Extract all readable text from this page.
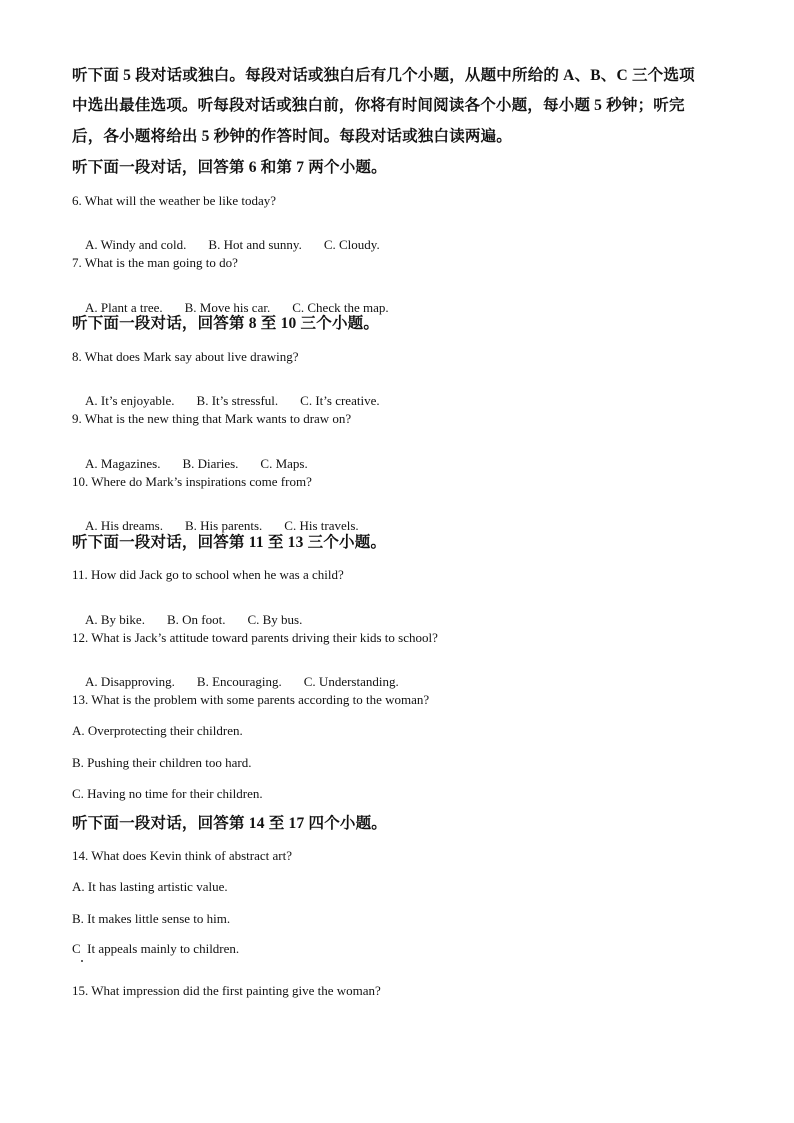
听下面 5 段对话或独白。每段对话或独白后有几个小题，从题中所给的 A、B、C 三个选项
中选出最佳选项。听每段对话或独白前，你将有时间阅读各个小题，每小题 5 秒钟；听完
后，各小题将给出 5 秒钟的作答时间。每段对话或独白读两遍。
听下面一段对话，回答第 6 和第 7 两个小题。
6. What will the weather be like today?

A. Windy and cold. B. Hot and sunny. C. Cloudy.

7. What is the man going to do?

A. Plant a tree. B. Move his car. C. Check the map.

听下面一段对话，回答第 8 至 10 三个小题。
8. What does Mark say about live drawing?

A. It’s enjoyable. B. It’s stressful. C. It’s creative.

9. What is the new thing that Mark wants to draw on?

A. Magazines. B. Diaries. C. Maps.

10. Where do Mark’s inspirations come from?

A. His dreams. B. His parents. C. His travels.

听下面一段对话，回答第 11 至 13 三个小题。
11. How did Jack go to school when he was a child?

A. By bike. B. On foot. C. By bus.

12. What is Jack’s attitude toward parents driving their kids to school?

A. Disapproving. B. Encouraging. C. Understanding.

13. What is the problem with some parents according to the woman?
A. Overprotecting their children.
B. Pushing their children too hard.
C. Having no time for their children.
听下面一段对话，回答第 14 至 17 四个小题。
14. What does Kevin think of abstract art?
A. It has lasting artistic value.
B. It makes little sense to him.
C  It appeals mainly to children.
15. What impression did the first painting give the woman?
